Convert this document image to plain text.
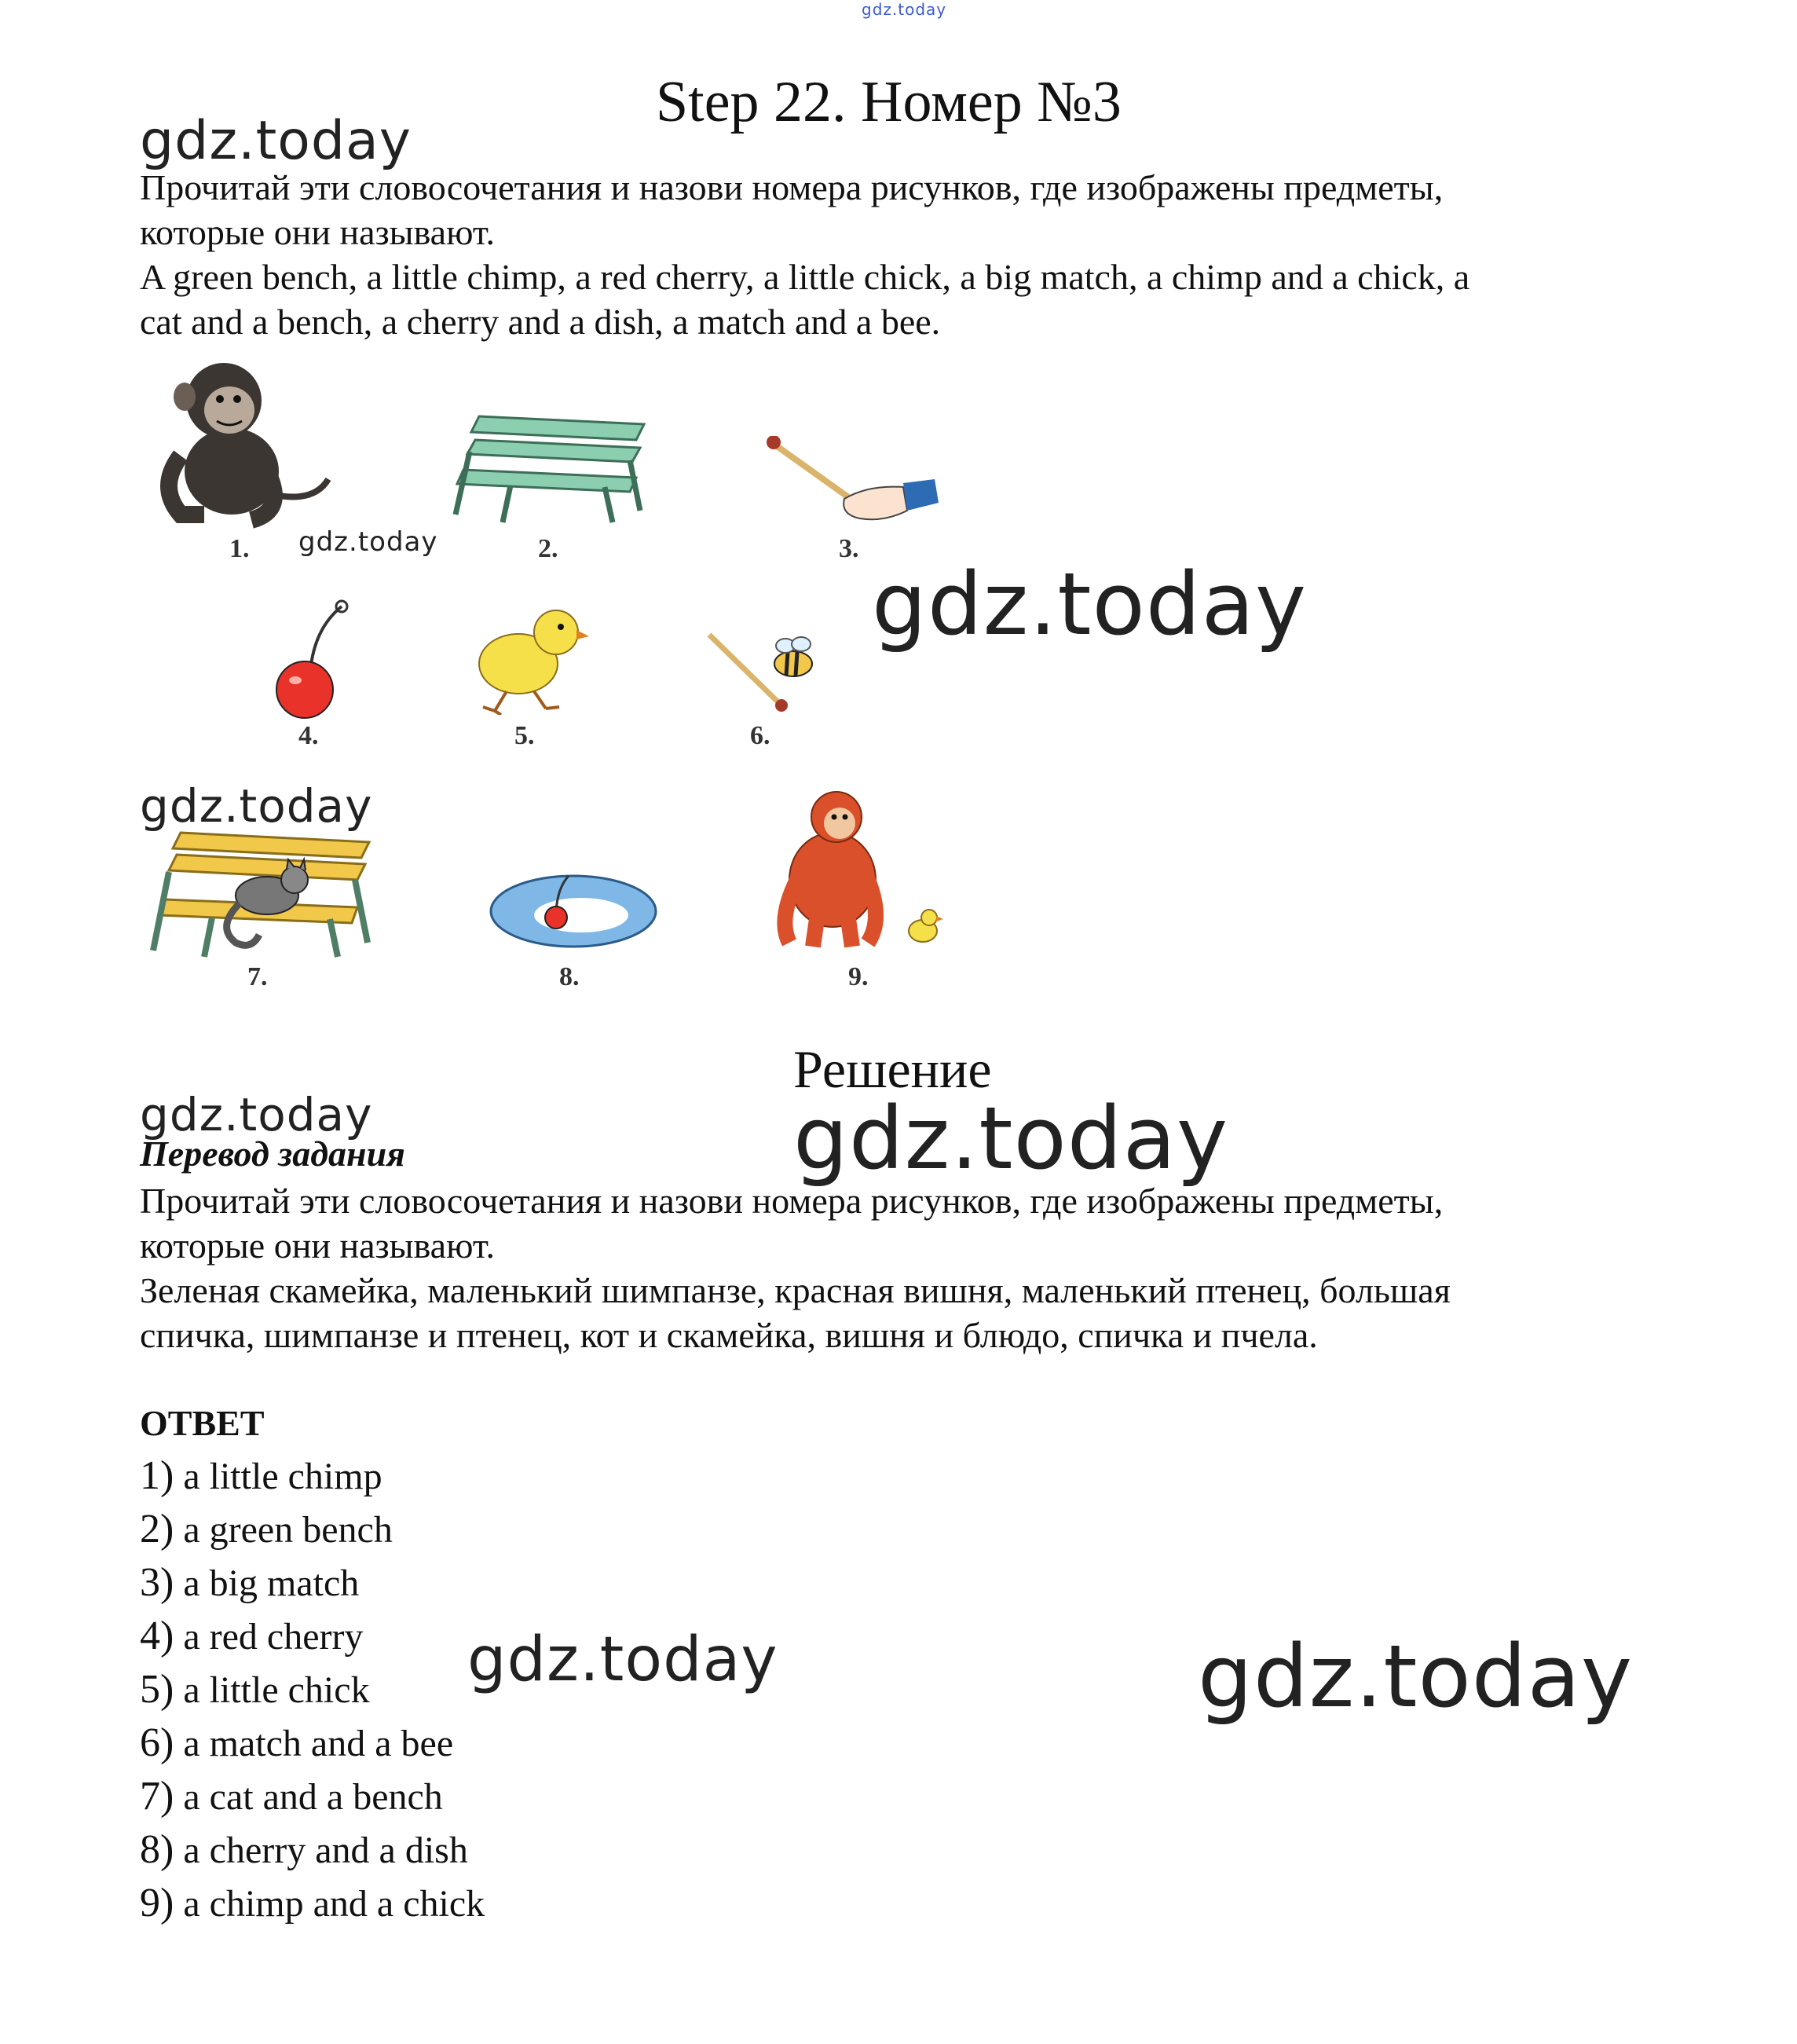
gdz.today
Step 22. Номер №3
gdz.today
Прочитай эти словосочетания и назови номера рисунков, где изображены предметы,
которые они называют.
A green bench, a little chimp, a red cherry, a little chick, a big match, a chimp and a chick, a
cat and a bench, a cherry and a dish, a match and a bee.
1. gdz.today	2.	3.
gdz.today
4.	5.	6.
gdz.today
7.	8.	9.
Решение
gdz.today	gdz.today
Перевод задания
Прочитай эти словосочетания и назови номера рисунков, где изображены предметы,
которые они называют.
Зеленая скамейка, маленький шимпанзе, красная вишня, маленький птенец, большая
спичка, шимпанзе и птенец, кот и скамейка, вишня и блюдо, спичка и пчела.
ОТВЕТ

1) a little chimp

2) a green bench

3) a big match

4) a red cherry

5) a little chick

6) a match and a bee

7) a cat and a bench

8) a cherry and a dish

9) a chimp and a chick

gdz.today	gdz.today
